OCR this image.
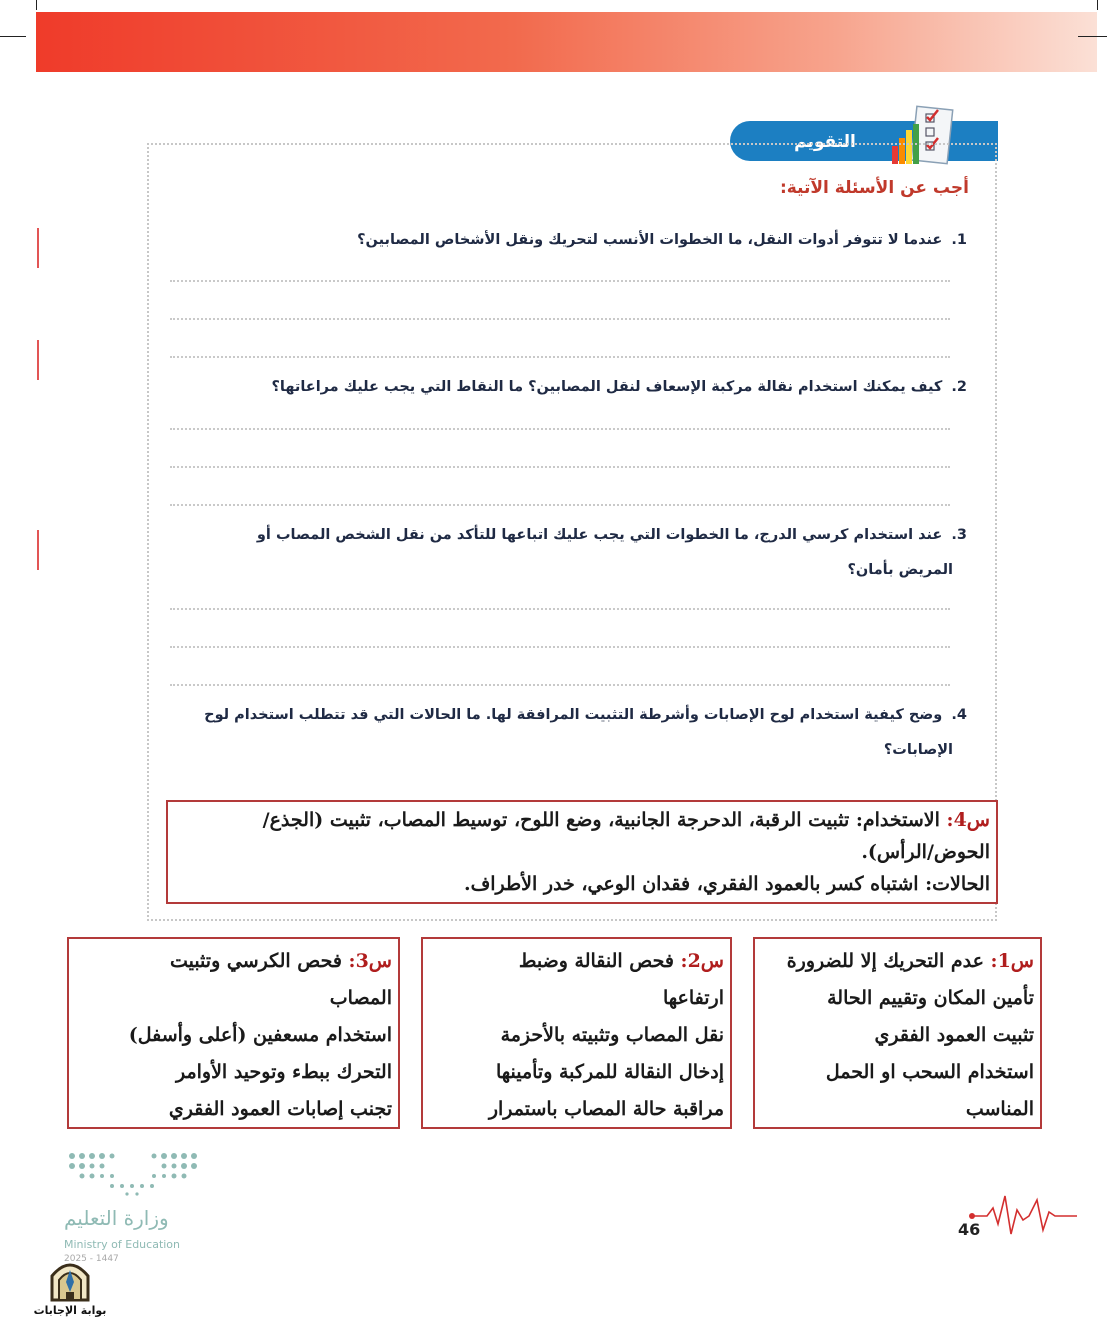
التقويم
أجب عن الأسئلة الآتية:
1. عندما لا تتوفر أدوات النقل، ما الخطوات الأنسب لتحريك ونقل الأشخاص المصابين؟
2. كيف يمكنك استخدام نقالة مركبة الإسعاف لنقل المصابين؟ ما النقاط التي يجب عليك مراعاتها؟
3. عند استخدام كرسي الدرج، ما الخطوات التي يجب عليك اتباعها للتأكد من نقل الشخص المصاب أو
المريض بأمان؟
4. وضح كيفية استخدام لوح الإصابات وأشرطة التثبيت المرافقة لها. ما الحالات التي قد تتطلب استخدام لوح
الإصابات؟

س4: الاستخدام: تثبيت الرقبة، الدحرجة الجانبية، وضع اللوح، توسيط المصاب، تثبيت (الجذع/

الحوض/الرأس).

الحالات: اشتباه كسر بالعمود الفقري، فقدان الوعي، خدر الأطراف.

س1: عدم التحريك إلا للضرورة

تأمين المكان وتقييم الحالة

تثبيت العمود الفقري

استخدام السحب او الحمل

المناسب

س2: فحص النقالة وضبط

ارتفاعها

نقل المصاب وتثبيته بالأحزمة

إدخال النقالة للمركبة وتأمينها

مراقبة حالة المصاب باستمرار

س3: فحص الكرسي وتثبيت

المصاب

استخدام مسعفين (أعلى وأسفل)

التحرك ببطء وتوحيد الأوامر

تجنب إصابات العمود الفقري

وزارة التعليم
Ministry of Education
2025 - 1447
بوابة الإجابات
46
